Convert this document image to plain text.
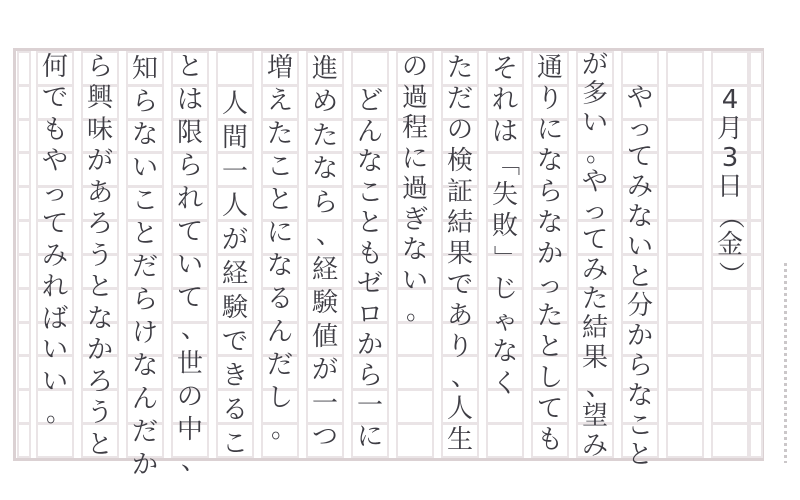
4
月
3
日
（
金
）
や
っ
て
み
な
い
と
分
か
ら
な
こ
と
が
多
い
。
や
っ
て
み
た
結
果
、
望
み
通
り
に
な
ら
な
か
っ
た
と
し
て
も
そ
れ
は
「
失
敗
」
じ
ゃ
な
く
た
だ
の
検
証
結
果
で
あ
り
、
人
生
の
過
程
に
過
ぎ
な
い
。
ど
ん
な
こ
と
も
ゼ
ロ
か
ら
一
に
進
め
た
な
ら
、
経
験
値
が
一
つ
増
え
た
こ
と
に
な
る
ん
だ
し
。
人
間
一
人
が
経
験
で
き
る
こ
と
は
限
ら
れ
て
い
て
、
世
の
中
、
知
ら
な
い
こ
と
だ
ら
け
な
ん
だ
か
ら
興
味
が
あ
ろ
う
と
な
か
ろ
う
と
何
で
も
や
っ
て
み
れ
ば
い
い
。
